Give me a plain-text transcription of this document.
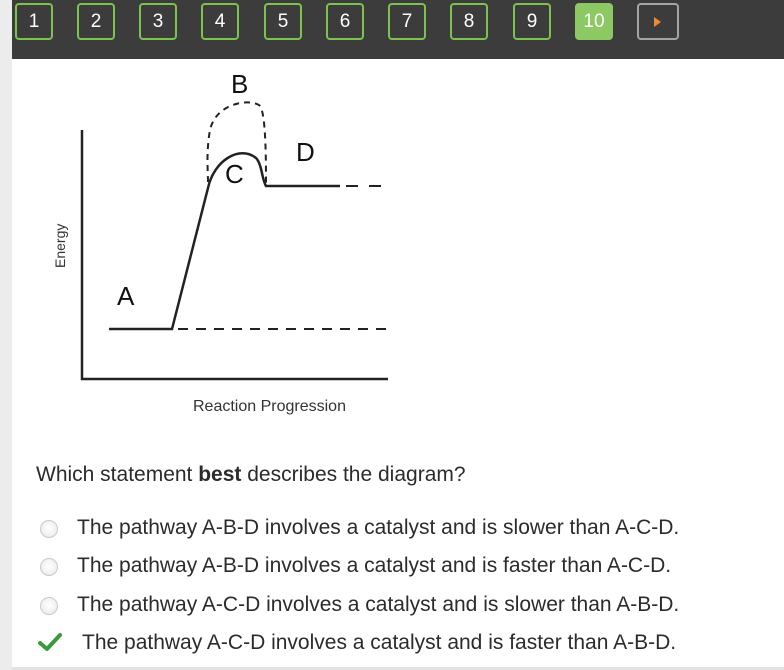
1	2	3	4	5	6	7	8	9	10
A
B
C
D
Energy
Reaction Progression
Which statement best describes the diagram?
The pathway A-B-D involves a catalyst and is slower than A-C-D.
The pathway A-B-D involves a catalyst and is faster than A-C-D.
The pathway A-C-D involves a catalyst and is slower than A-B-D.
The pathway A-C-D involves a catalyst and is faster than A-B-D.
